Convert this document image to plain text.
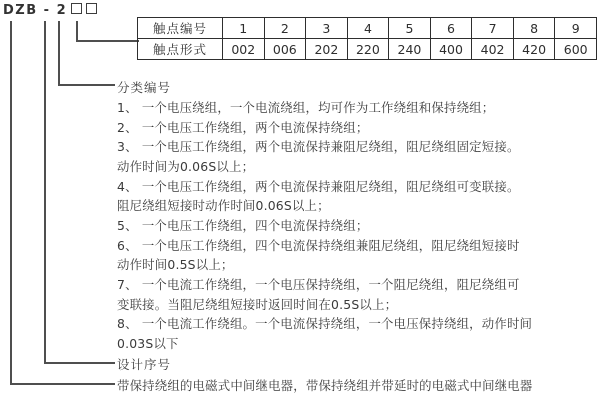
DZB - 2
触点编号	1	2	3	4	5	6	7	8	9
触点形式	002	006	202	220	240	400	402	420	600
分类编号
1、 一个电压绕组，一个电流绕组，均可作为工作绕组和保持绕组；
2、 一个电压工作绕组，两个电流保持绕组；
3、 一个电压工作绕组，两个电流保持兼阻尼绕组，阻尼绕组固定短接。
动作时间为0.06S以上；
4、 一个电压工作绕组，两个电流保持兼阻尼绕组，阻尼绕组可变联接。
阻尼绕组短接时动作时间0.06S以上；
5、 一个电压工作绕组，四个电流保持绕组；
6、 一个电压工作绕组，四个电流保持绕组兼阻尼绕组，阻尼绕组短接时
动作时间0.5S以上；
7、 一个电流工作绕组，一个电压保持绕组，一个阻尼绕组，阻尼绕组可
变联接。当阻尼绕组短接时返回时间在0.5S以上；
8、 一个电流工作绕组。一个电流保持绕组，一个电压保持绕组，动作时间
0.03S以下
设计序号
带保持绕组的电磁式中间继电器，带保持绕组并带延时的电磁式中间继电器
